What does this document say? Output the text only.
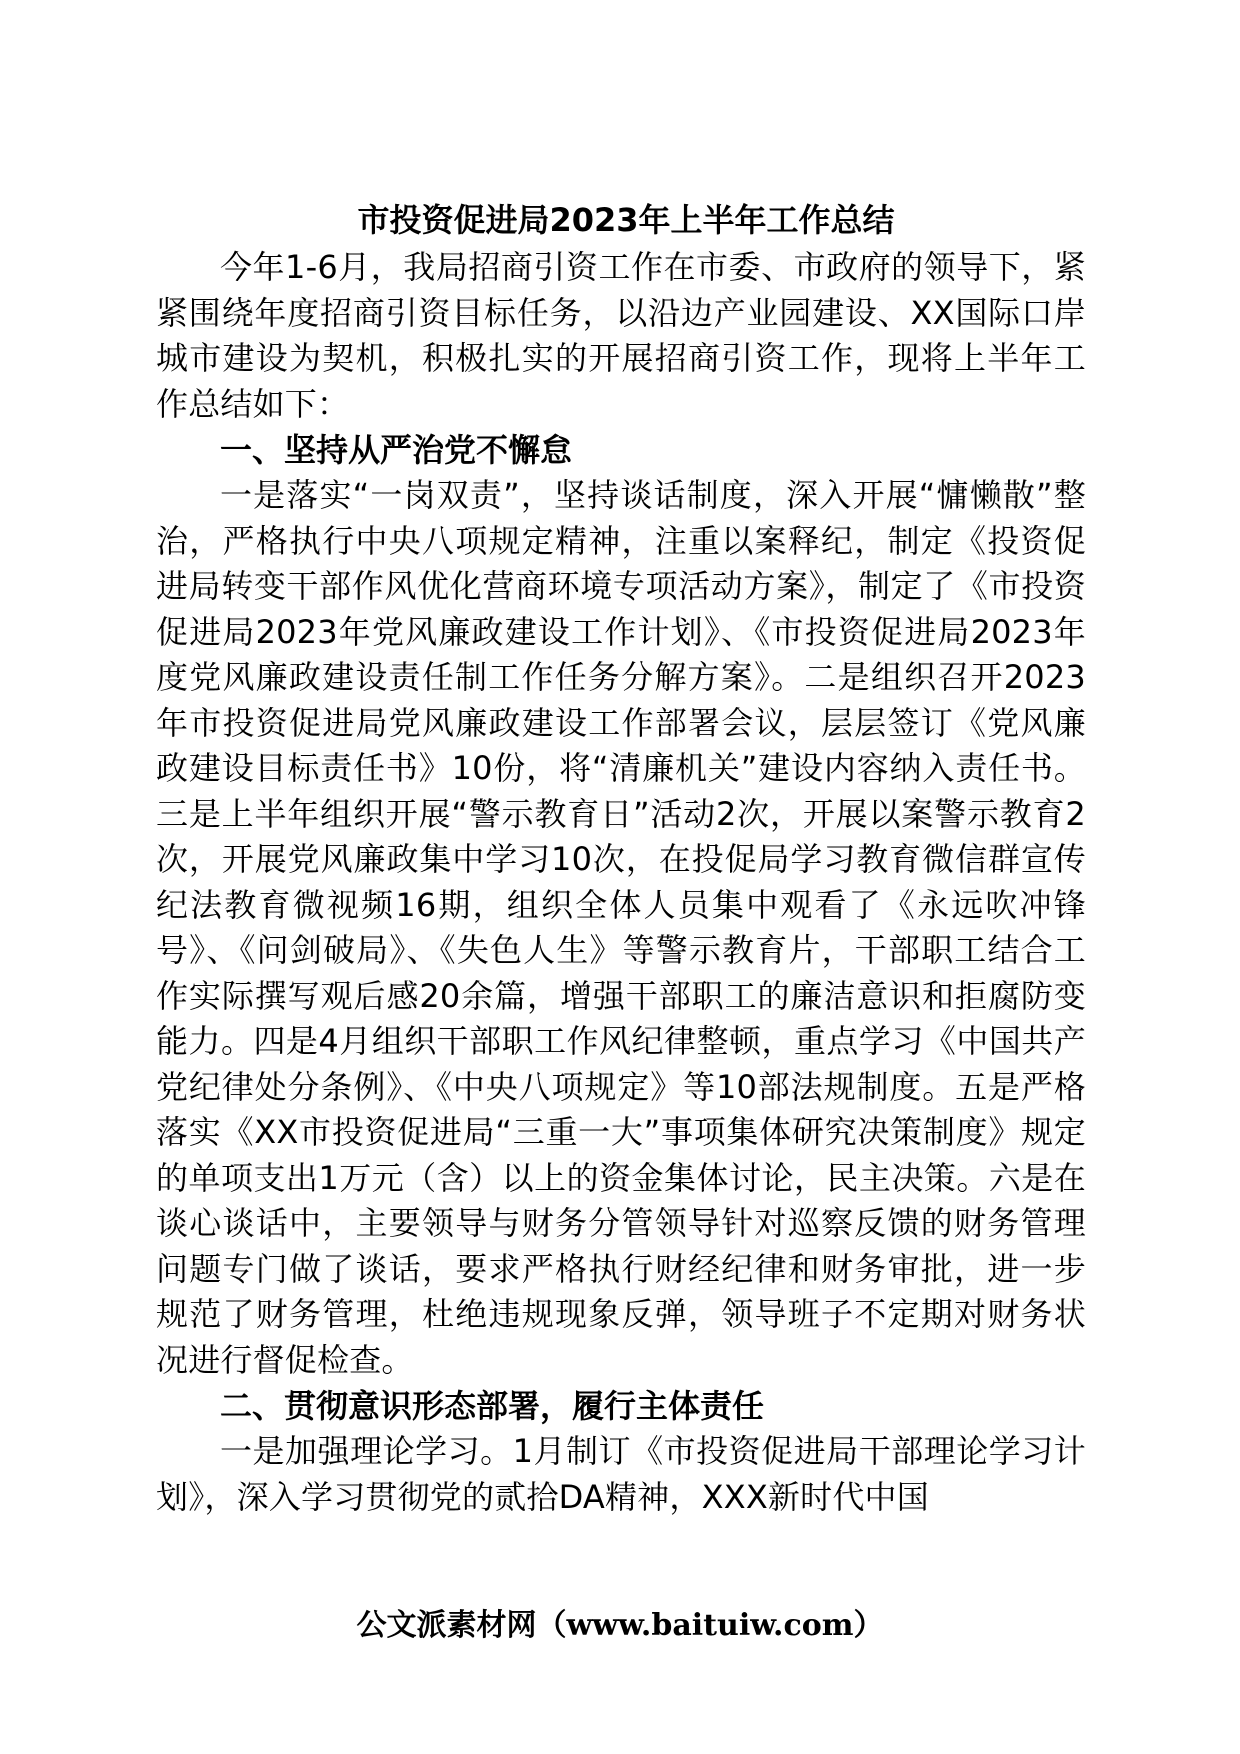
市投资促进局2023年上半年工作总结

今年1-6月，我局招商引资工作在市委、市政府的领导下，紧紧围绕年度招商引资目标任务，以沿边产业园建设、XX国际口岸城市建设为契机，积极扎实的开展招商引资工作，现将上半年工作总结如下：

一、坚持从严治党不懈怠

一是落实“一岗双责”，坚持谈话制度，深入开展“慵懒散”整治，严格执行中央八项规定精神，注重以案释纪，制定《投资促进局转变干部作风优化营商环境专项活动方案》，制定了《市投资促进局2023年党风廉政建设工作计划》、《市投资促进局2023年度党风廉政建设责任制工作任务分解方案》。二是组织召开2023年市投资促进局党风廉政建设工作部署会议，层层签订《党风廉政建设目标责任书》10份，将“清廉机关”建设内容纳入责任书。三是上半年组织开展“警示教育日”活动2次，开展以案警示教育2次，开展党风廉政集中学习10次，在投促局学习教育微信群宣传纪法教育微视频16期，组织全体人员集中观看了《永远吹冲锋号》、《问剑破局》、《失色人生》等警示教育片，干部职工结合工作实际撰写观后感20余篇，增强干部职工的廉洁意识和拒腐防变能力。四是4月组织干部职工作风纪律整顿，重点学习《中国共产党纪律处分条例》、《中央八项规定》等10部法规制度。五是严格落实《XX市投资促进局“三重一大”事项集体研究决策制度》规定的单项支出1万元（含）以上的资金集体讨论，民主决策。六是在谈心谈话中，主要领导与财务分管领导针对巡察反馈的财务管理问题专门做了谈话，要求严格执行财经纪律和财务审批，进一步规范了财务管理，杜绝违规现象反弹，领导班子不定期对财务状况进行督促检查。

二、贯彻意识形态部署，履行主体责任

一是加强理论学习。1月制订《市投资促进局干部理论学习计划》，深入学习贯彻党的贰拾DA精神，XXX新时代中国

公文派素材网（www.baituiw.com）
